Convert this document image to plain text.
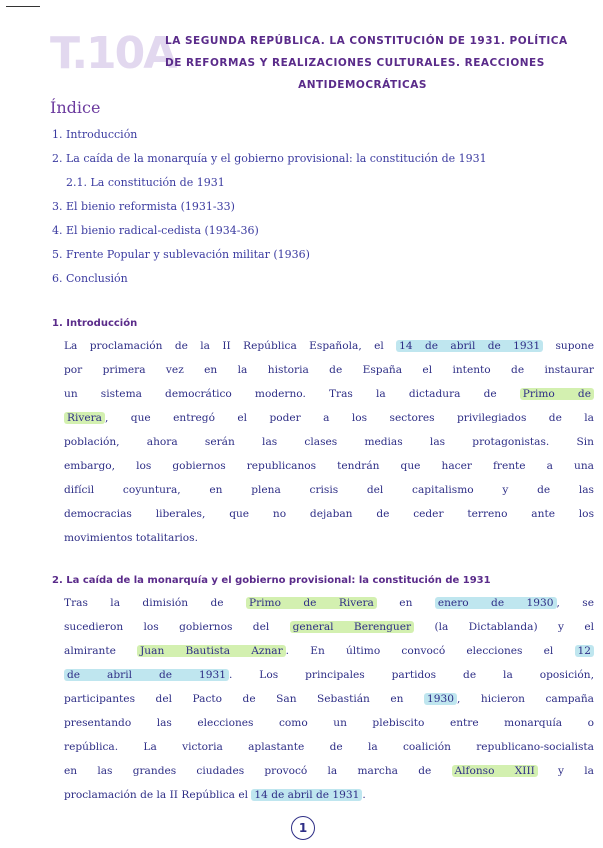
T.10A
LA SEGUNDA REPÚBLICA. LA CONSTITUCIÓN DE 1931. POLÍTICA
DE REFORMAS Y REALIZACIONES CULTURALES. REACCIONES
ANTIDEMOCRÁTICAS
Índice
1. Introducción
2. La caída de la monarquía y el gobierno provisional: la constitución de 1931
2.1. La constitución de 1931
3. El bienio reformista (1931-33)
4. El bienio radical-cedista (1934-36)
5. Frente Popular y sublevación militar (1936)
6. Conclusión
1. Introducción
La proclamación de la II República Española, el 14 de abril de 1931 supone
por primera vez en la historia de España el intento de instaurar
un sistema democrático moderno. Tras la dictadura de Primo de
Rivera , que entregó el poder a los sectores privilegiados de la
población, ahora serán las clases medias las protagonistas. Sin
embargo, los gobiernos republicanos tendrán que hacer frente a una
difícil coyuntura, en plena crisis del capitalismo y de las
democracias liberales, que no dejaban de ceder terreno ante los
movimientos totalitarios.
2. La caída de la monarquía y el gobierno provisional: la constitución de 1931
Tras la dimisión de Primo de Rivera en enero de 1930 , se
sucedieron los gobiernos del general Berenguer (la Dictablanda) y el
almirante Juan Bautista Aznar . En último convocó elecciones el 12
de abril de 1931 . Los principales partidos de la oposición,
participantes del Pacto de San Sebastián en 1930 , hicieron campaña
presentando las elecciones como un plebiscito entre monarquía o
república. La victoria aplastante de la coalición republicano-socialista
en las grandes ciudades provocó la marcha de Alfonso XIII y la
proclamación de la II República el 14 de abril de 1931 .
1
